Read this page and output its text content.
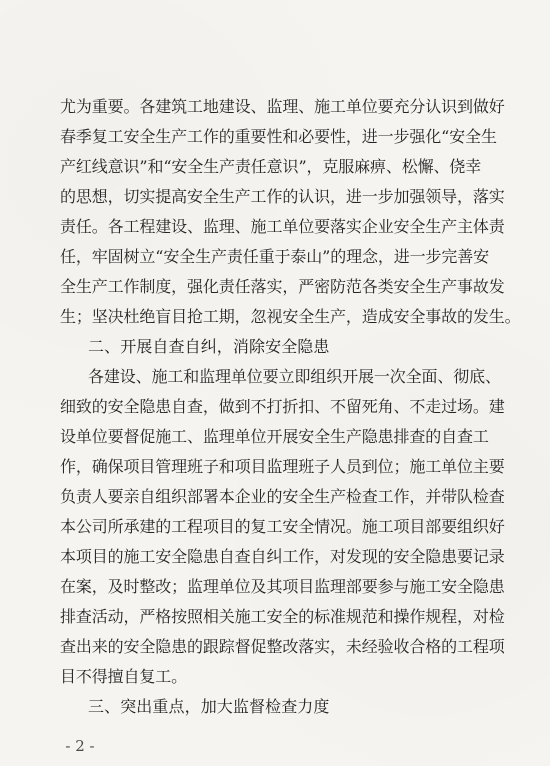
尤为重要。各建筑工地建设、监理、施工单位要充分认识到做好
春季复工安全生产工作的重要性和必要性，进一步强化“安全生
产红线意识”和“安全生产责任意识”，克服麻痹、松懈、侥幸
的思想，切实提高安全生产工作的认识，进一步加强领导，落实
责任。各工程建设、监理、施工单位要落实企业安全生产主体责
任，牢固树立“安全生产责任重于泰山”的理念，进一步完善安
全生产工作制度，强化责任落实，严密防范各类安全生产事故发
生；坚决杜绝盲目抢工期，忽视安全生产，造成安全事故的发生。
二、开展自查自纠，消除安全隐患
各建设、施工和监理单位要立即组织开展一次全面、彻底、
细致的安全隐患自查，做到不打折扣、不留死角、不走过场。建
设单位要督促施工、监理单位开展安全生产隐患排查的自查工
作，确保项目管理班子和项目监理班子人员到位；施工单位主要
负责人要亲自组织部署本企业的安全生产检查工作，并带队检查
本公司所承建的工程项目的复工安全情况。施工项目部要组织好
本项目的施工安全隐患自查自纠工作，对发现的安全隐患要记录
在案，及时整改；监理单位及其项目监理部要参与施工安全隐患
排查活动，严格按照相关施工安全的标准规范和操作规程，对检
查出来的安全隐患的跟踪督促整改落实，未经验收合格的工程项
目不得擅自复工。
三、突出重点，加大监督检查力度
- 2 -
